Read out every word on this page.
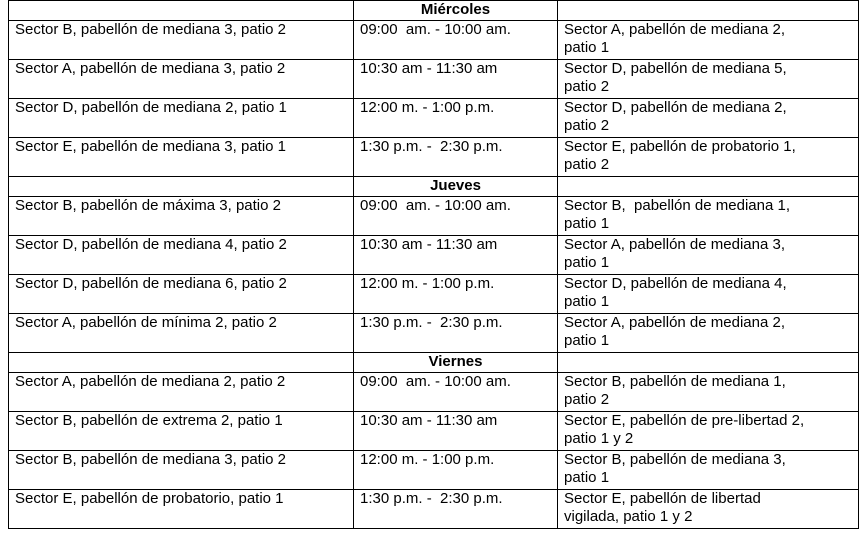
	Miércoles	
Sector B, pabellón de mediana 3, patio 2	09:00  am. - 10:00 am.	Sector A, pabellón de mediana 2,
patio 1
Sector A, pabellón de mediana 3, patio 2	10:30 am - 11:30 am	Sector D, pabellón de mediana 5,
patio 2
Sector D, pabellón de mediana 2, patio 1	12:00 m. - 1:00 p.m.	Sector D, pabellón de mediana 2,
patio 2
Sector E, pabellón de mediana 3, patio 1	1:30 p.m. -  2:30 p.m.	Sector E, pabellón de probatorio 1,
patio 2
	Jueves	
Sector B, pabellón de máxima 3, patio 2	09:00  am. - 10:00 am.	Sector B,  pabellón de mediana 1,
patio 1
Sector D, pabellón de mediana 4, patio 2	10:30 am - 11:30 am	Sector A, pabellón de mediana 3,
patio 1
Sector D, pabellón de mediana 6, patio 2	12:00 m. - 1:00 p.m.	Sector D, pabellón de mediana 4,
patio 1
Sector A, pabellón de mínima 2, patio 2	1:30 p.m. -  2:30 p.m.	Sector A, pabellón de mediana 2,
patio 1
	Viernes	
Sector A, pabellón de mediana 2, patio 2	09:00  am. - 10:00 am.	Sector B, pabellón de mediana 1,
patio 2
Sector B, pabellón de extrema 2, patio 1	10:30 am - 11:30 am	Sector E, pabellón de pre-libertad 2,
patio 1 y 2
Sector B, pabellón de mediana 3, patio 2	12:00 m. - 1:00 p.m.	Sector B, pabellón de mediana 3,
patio 1
Sector E, pabellón de probatorio, patio 1	1:30 p.m. -  2:30 p.m.	Sector E, pabellón de libertad
vigilada, patio 1 y 2
